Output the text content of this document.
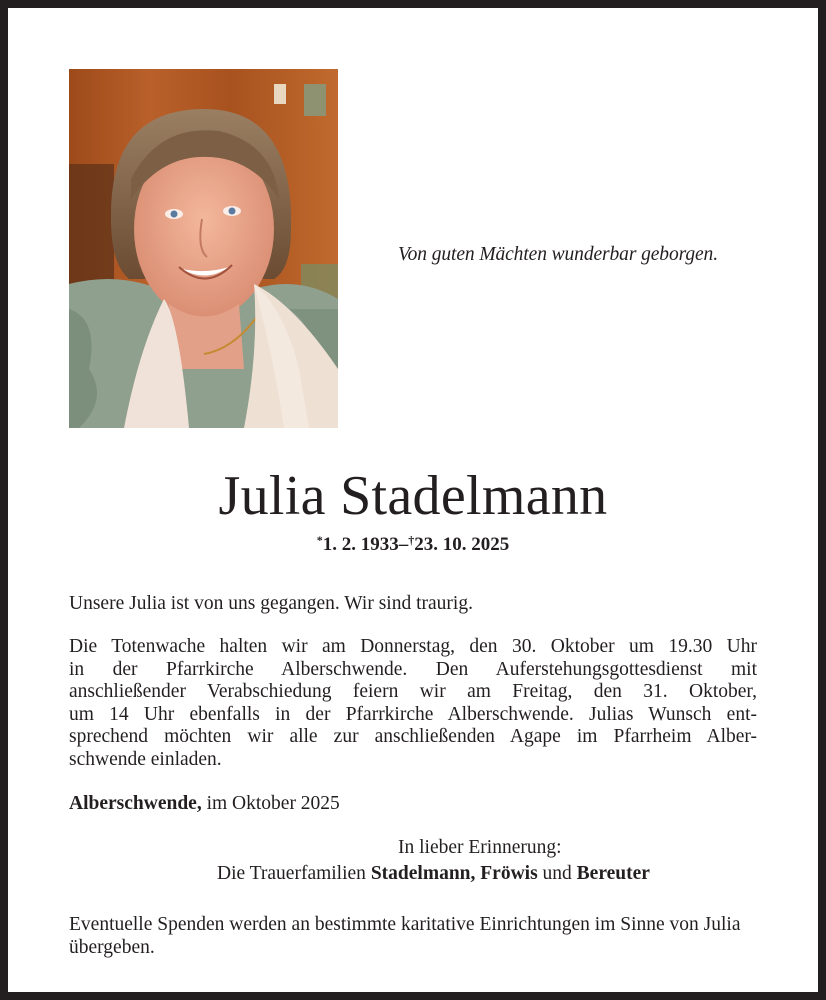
Von guten Mächten wunderbar geborgen.
Julia Stadelmann
*1. 2. 1933–†23. 10. 2025
Unsere Julia ist von uns gegangen. Wir sind traurig.
Die Totenwache halten wir am Donnerstag, den 30. Oktober um 19.30 Uhr
in der Pfarrkirche Alberschwende. Den Auferstehungsgottesdienst mit
anschließender Verabschiedung feiern wir am Freitag, den 31. Oktober,
um 14 Uhr ebenfalls in der Pfarrkirche Alberschwende. Julias Wunsch ent-
sprechend möchten wir alle zur anschließenden Agape im Pfarrheim Alber-
schwende einladen.
Alberschwende, im Oktober 2025
In lieber Erinnerung:
Die Trauerfamilien Stadelmann, Fröwis und Bereuter
Eventuelle Spenden werden an bestimmte karitative Einrichtungen im Sinne von Julia übergeben.
